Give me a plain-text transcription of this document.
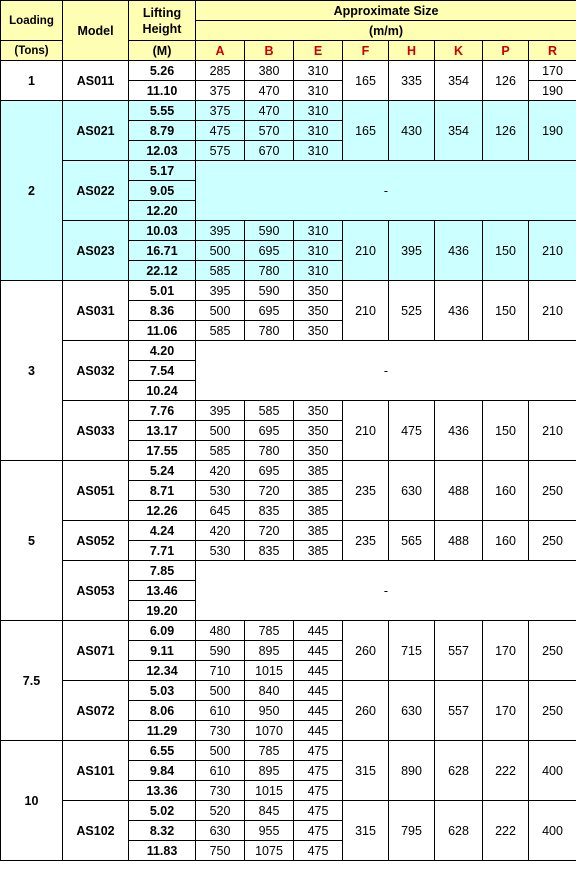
Loading	Model	Lifting
Height	Approximate Size							
			(m/m)							
(Tons)		(M)	A	B	E	F	H	K	P	R
1	AS011	5.26	285	380	310	165	335	354	126	170
		11.10	375	470	310					190
2	AS021	5.55	375	470	310	165	430	354	126	190
		8.79	475	570	310					
		12.03	575	670	310					
	AS022	5.17	-							
		9.05								
		12.20								
	AS023	10.03	395	590	310	210	395	436	150	210
		16.71	500	695	310					
		22.12	585	780	310					
3	AS031	5.01	395	590	350	210	525	436	150	210
		8.36	500	695	350					
		11.06	585	780	350					
	AS032	4.20	-							
		7.54								
		10.24								
	AS033	7.76	395	585	350	210	475	436	150	210
		13.17	500	695	350					
		17.55	585	780	350					
5	AS051	5.24	420	695	385	235	630	488	160	250
		8.71	530	720	385					
		12.26	645	835	385					
	AS052	4.24	420	720	385	235	565	488	160	250
		7.71	530	835	385					
	AS053	7.85	-							
		13.46								
		19.20								
7.5	AS071	6.09	480	785	445	260	715	557	170	250
		9.11	590	895	445					
		12.34	710	1015	445					
	AS072	5.03	500	840	445	260	630	557	170	250
		8.06	610	950	445					
		11.29	730	1070	445					
10	AS101	6.55	500	785	475	315	890	628	222	400
		9.84	610	895	475					
		13.36	730	1015	475					
	AS102	5.02	520	845	475	315	795	628	222	400
		8.32	630	955	475					
		11.83	750	1075	475					
